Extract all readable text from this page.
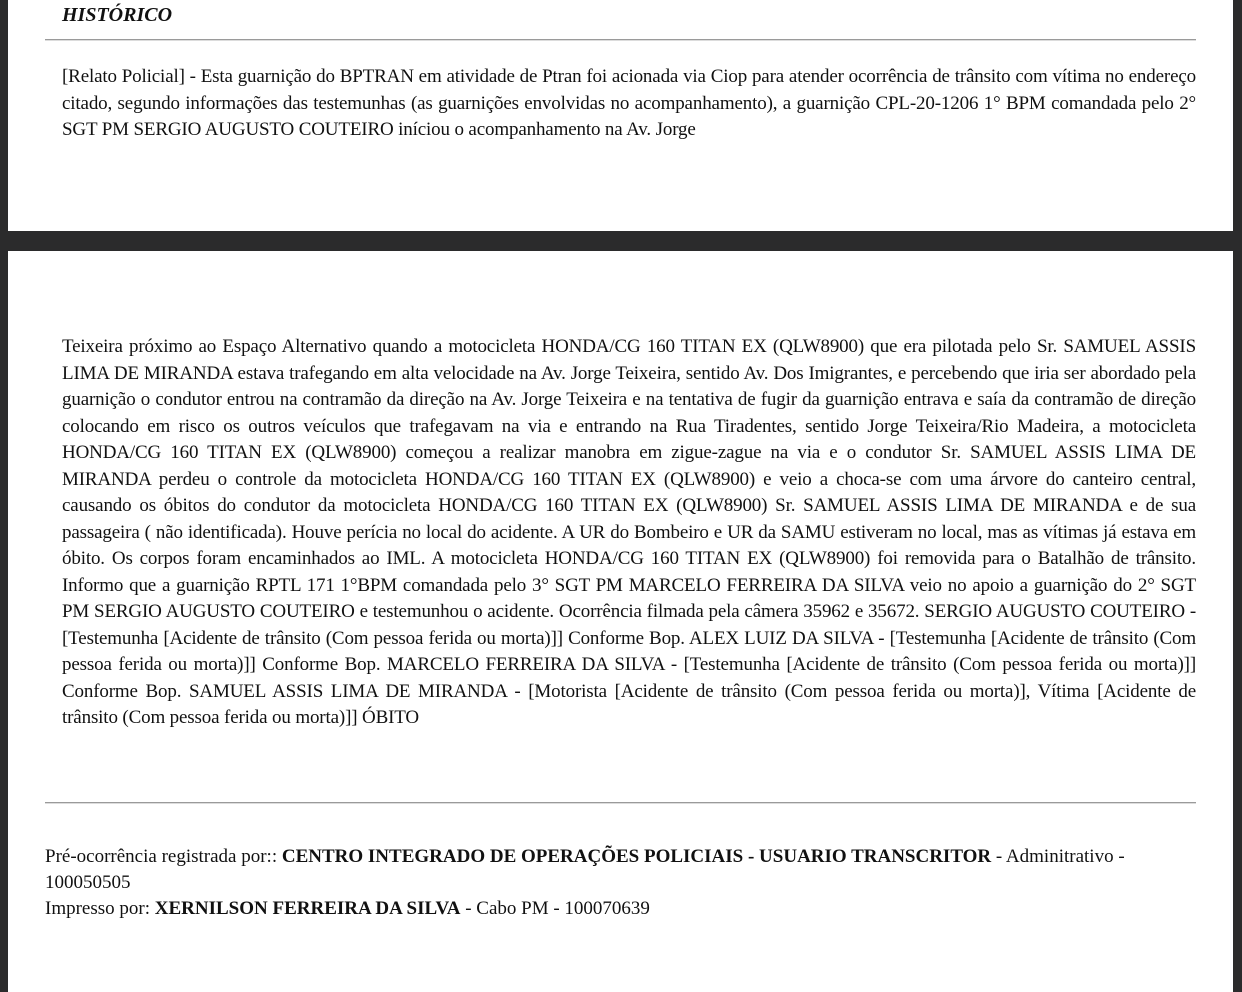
HISTÓRICO

[Relato Policial] - Esta guarnição do BPTRAN em atividade de Ptran foi acionada via Ciop para atender ocorrência de trânsito com vítima no endereço citado, segundo informações das testemunhas (as guarnições envolvidas no acompanhamento), a guarnição CPL-20-1206 1° BPM comandada pelo 2° SGT PM SERGIO AUGUSTO COUTEIRO iníciou o acompanhamento na Av. Jorge

Teixeira próximo ao Espaço Alternativo quando a motocicleta HONDA/CG 160 TITAN EX (QLW8900) que era pilotada pelo Sr. SAMUEL ASSIS LIMA DE MIRANDA estava trafegando em alta velocidade na Av. Jorge Teixeira, sentido Av. Dos Imigrantes, e percebendo que iria ser abordado pela guarnição o condutor entrou na contramão da direção na Av. Jorge Teixeira e na tentativa de fugir da guarnição entrava e saía da contramão de direção colocando em risco os outros veículos que trafegavam na via e entrando na Rua Tiradentes, sentido Jorge Teixeira/Rio Madeira, a motocicleta HONDA/CG 160 TITAN EX (QLW8900) começou a realizar manobra em zigue-zague na via e o condutor Sr. SAMUEL ASSIS LIMA DE MIRANDA perdeu o controle da motocicleta HONDA/CG 160 TITAN EX (QLW8900) e veio a choca-se com uma árvore do canteiro central, causando os óbitos do condutor da motocicleta HONDA/CG 160 TITAN EX (QLW8900) Sr. SAMUEL ASSIS LIMA DE MIRANDA e de sua passageira ( não identificada). Houve perícia no local do acidente. A UR do Bombeiro e UR da SAMU estiveram no local, mas as vítimas já estava em óbito. Os corpos foram encaminhados ao IML. A motocicleta HONDA/CG 160 TITAN EX (QLW8900) foi removida para o Batalhão de trânsito. Informo que a guarnição RPTL 171 1°BPM comandada pelo 3° SGT PM MARCELO FERREIRA DA SILVA veio no apoio a guarnição do 2° SGT PM SERGIO AUGUSTO COUTEIRO e testemunhou o acidente. Ocorrência filmada pela câmera 35962 e 35672. SERGIO AUGUSTO COUTEIRO - [Testemunha [Acidente de trânsito (Com pessoa ferida ou morta)]] Conforme Bop. ALEX LUIZ DA SILVA - [Testemunha [Acidente de trânsito (Com pessoa ferida ou morta)]] Conforme Bop. MARCELO FERREIRA DA SILVA - [Testemunha [Acidente de trânsito (Com pessoa ferida ou morta)]] Conforme Bop. SAMUEL ASSIS LIMA DE MIRANDA - [Motorista [Acidente de trânsito (Com pessoa ferida ou morta)], Vítima [Acidente de trânsito (Com pessoa ferida ou morta)]] ÓBITO

Pré-ocorrência registrada por:: CENTRO INTEGRADO DE OPERAÇÕES POLICIAIS - USUARIO TRANSCRITOR - Adminitrativo - 100050505
Impresso por: XERNILSON FERREIRA DA SILVA - Cabo PM - 100070639
